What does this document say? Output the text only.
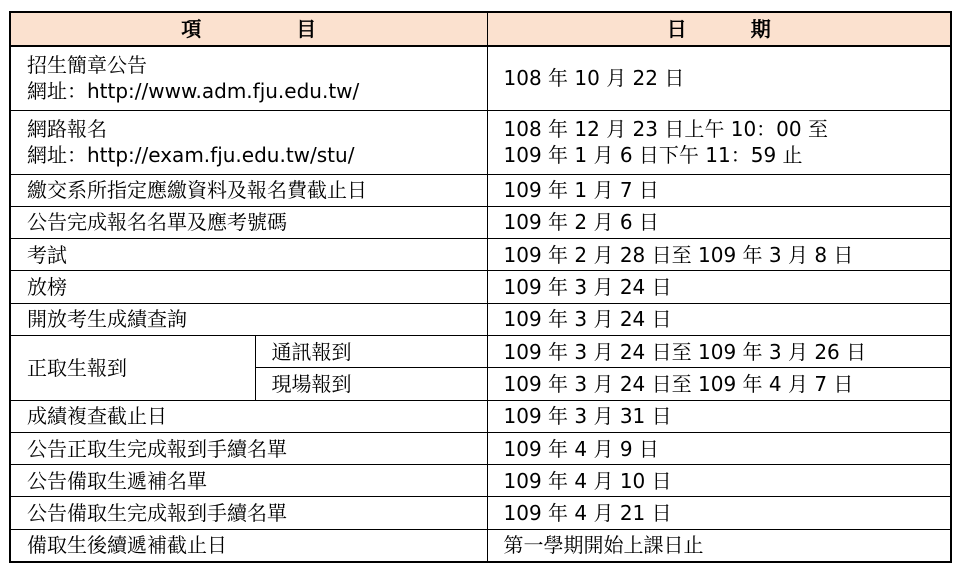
項 目		日 期

招生簡章公告
網址：http://www.adm.fju.edu.tw/		108 年 10 月 22 日

網路報名
網址：http://exam.fju.edu.tw/stu/		108 年 12 月 23 日上午 10：00 至
109 年 1 月 6 日下午 11：59 止

繳交系所指定應繳資料及報名費截止日		109 年 1 月 7 日
公告完成報名名單及應考號碼		109 年 2 月 6 日
考試		109 年 2 月 28 日至 109 年 3 月 8 日
放榜		109 年 3 月 24 日
開放考生成績查詢		109 年 3 月 24 日
正取生報到	通訊報到	109 年 3 月 24 日至 109 年 3 月 26 日
	現場報到	109 年 3 月 24 日至 109 年 4 月 7 日
成績複查截止日		109 年 3 月 31 日
公告正取生完成報到手續名單		109 年 4 月 9 日
公告備取生遞補名單		109 年 4 月 10 日
公告備取生完成報到手續名單		109 年 4 月 21 日
備取生後續遞補截止日		第一學期開始上課日止
